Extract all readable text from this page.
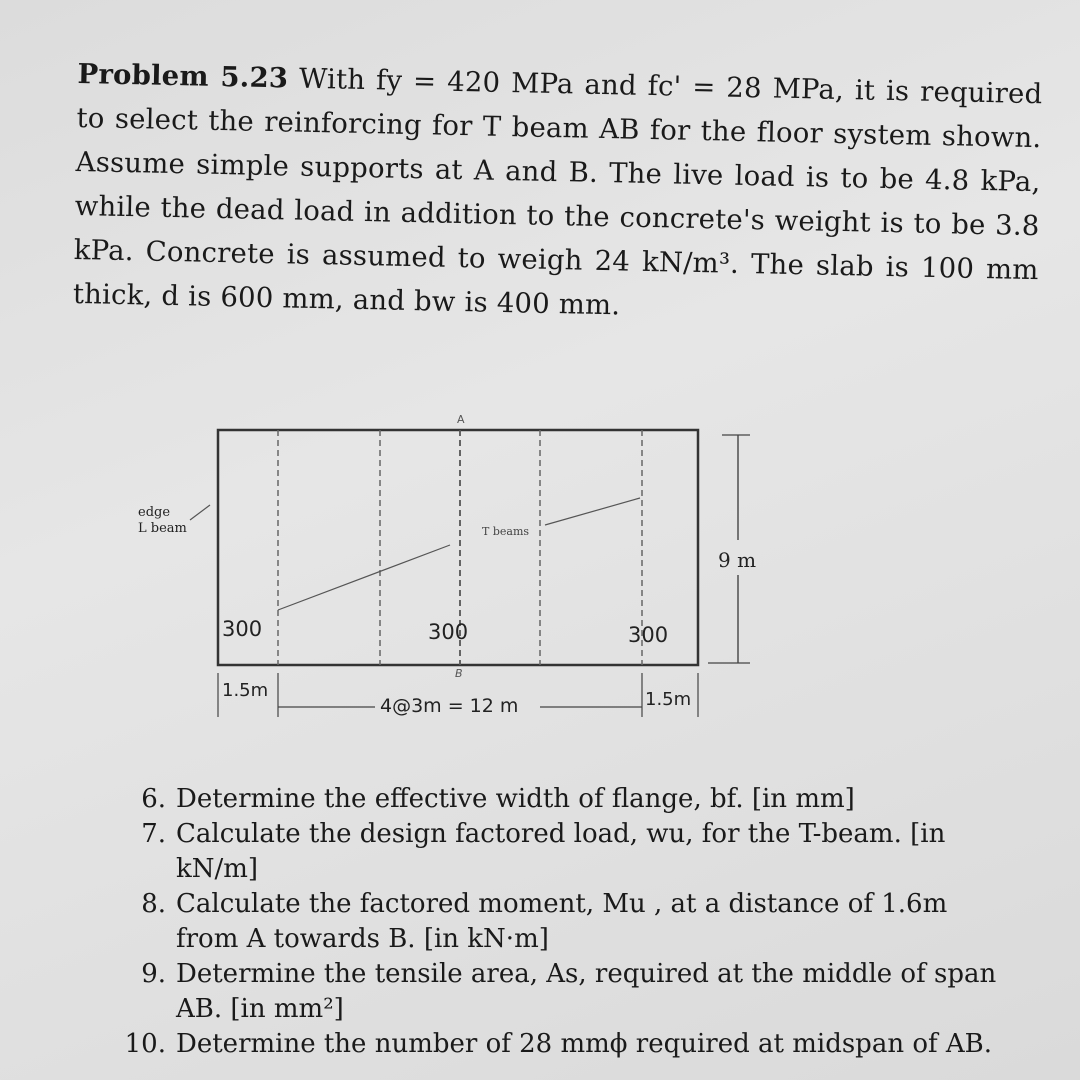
Problem 5.23 With fy = 420 MPa and fc' = 28 MPa, it is required to select the reinforcing for T beam AB for the floor system shown. Assume simple supports at A and B. The live load is to be 4.8 kPa, while the dead load in addition to the concrete's weight is to be 3.8 kPa. Concrete is assumed to weigh 24 kN/m³. The slab is 100 mm thick, d is 600 mm, and bw is 400 mm.

edge
L beam	T beams
A
B
300	300	300
9 m
1.5m
4@3m = 12 m	1.5m
6. Determine the effective width of flange, bf. [in mm]
7. Calculate the design factored load, wu, for the T-beam. [in kN/m]
8. Calculate the factored moment, Mu , at a distance of 1.6m from A towards B. [in kN·m]
9. Determine the tensile area, As, required at the middle of span AB. [in mm²]
10. Determine the number of 28 mmϕ required at midspan of AB.
